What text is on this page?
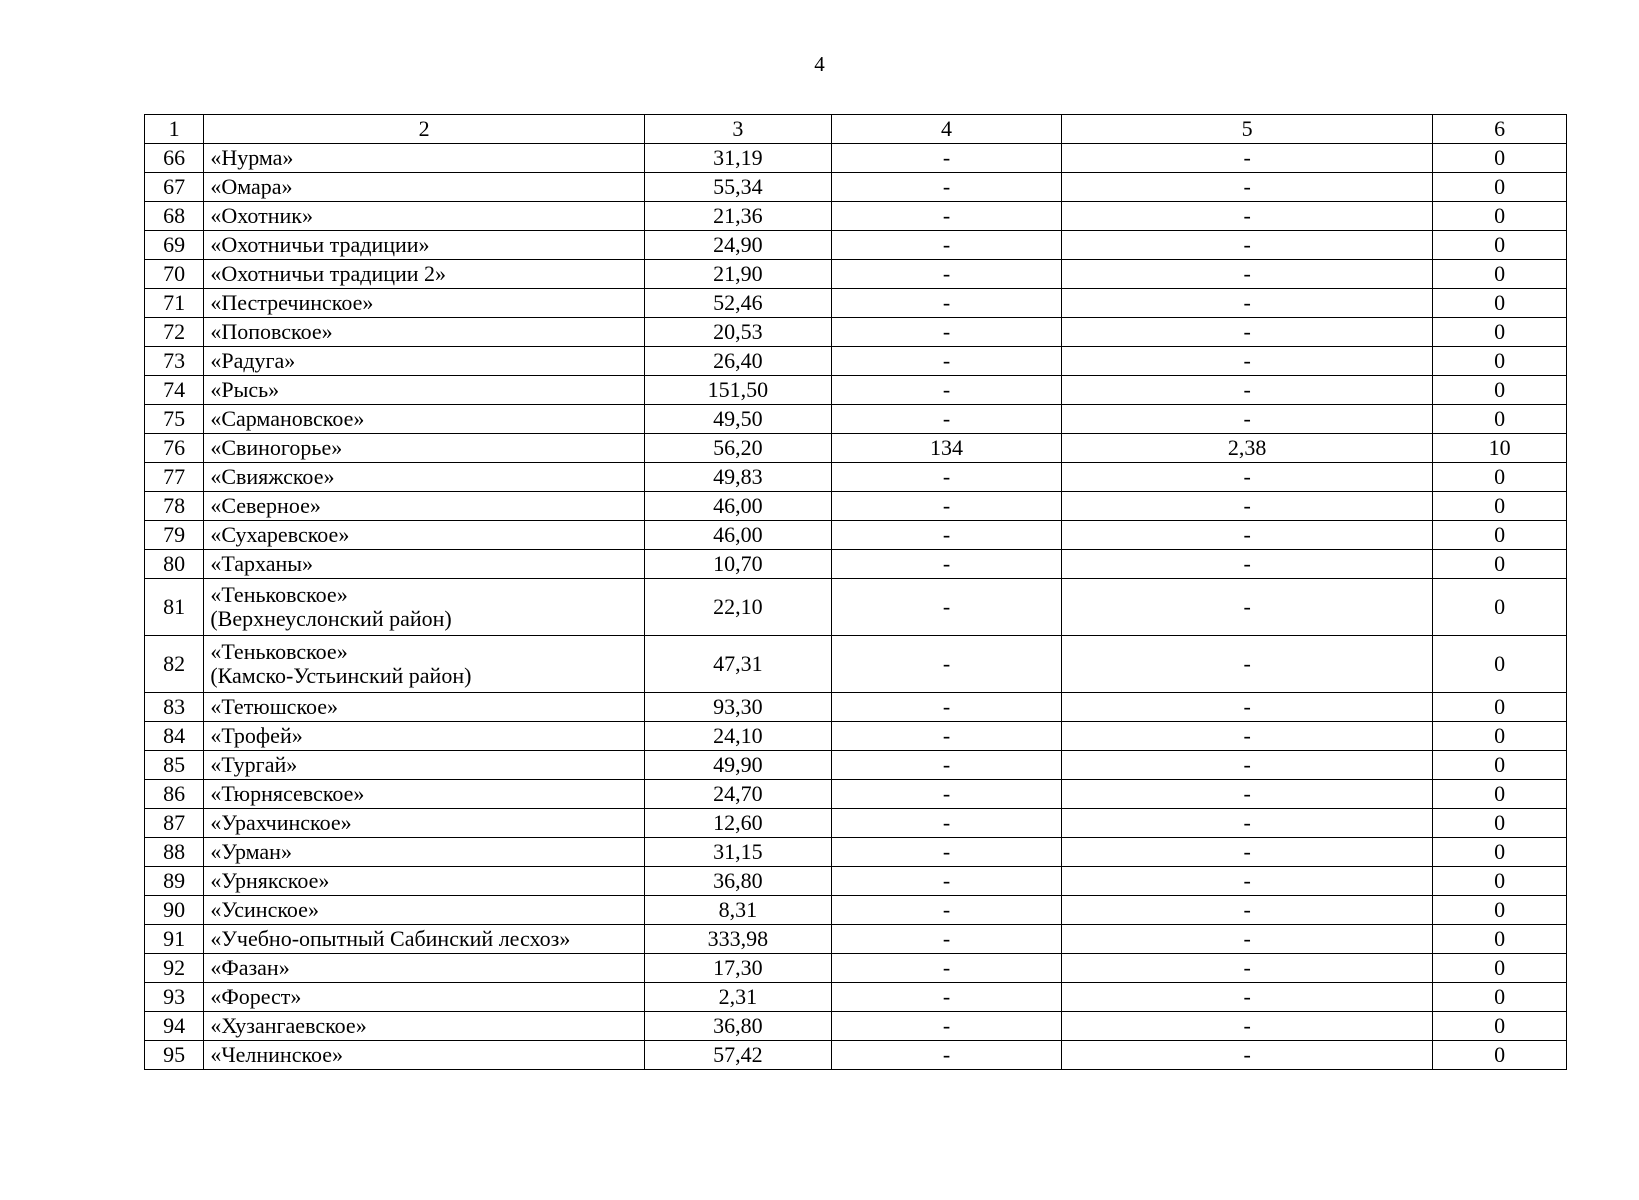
4
1	2	3	4	5	6
66	«Нурма»	31,19	-	-	0
67	«Омара»	55,34	-	-	0
68	«Охотник»	21,36	-	-	0
69	«Охотничьи традиции»	24,90	-	-	0
70	«Охотничьи традиции 2»	21,90	-	-	0
71	«Пестречинское»	52,46	-	-	0
72	«Поповское»	20,53	-	-	0
73	«Радуга»	26,40	-	-	0
74	«Рысь»	151,50	-	-	0
75	«Сармановское»	49,50	-	-	0
76	«Свиногорье»	56,20	134	2,38	10
77	«Свияжское»	49,83	-	-	0
78	«Северное»	46,00	-	-	0
79	«Сухаревское»	46,00	-	-	0
80	«Тарханы»	10,70	-	-	0
81	«Теньковское»
(Верхнеуслонский район)	22,10	-	-	0
82	«Теньковское»
(Камско-Устьинский район)	47,31	-	-	0
83	«Тетюшское»	93,30	-	-	0
84	«Трофей»	24,10	-	-	0
85	«Тургай»	49,90	-	-	0
86	«Тюрнясевское»	24,70	-	-	0
87	«Урахчинское»	12,60	-	-	0
88	«Урман»	31,15	-	-	0
89	«Урнякское»	36,80	-	-	0
90	«Усинское»	8,31	-	-	0
91	«Учебно-опытный Сабинский лесхоз»	333,98	-	-	0
92	«Фазан»	17,30	-	-	0
93	«Форест»	2,31	-	-	0
94	«Хузангаевское»	36,80	-	-	0
95	«Челнинское»	57,42	-	-	0
